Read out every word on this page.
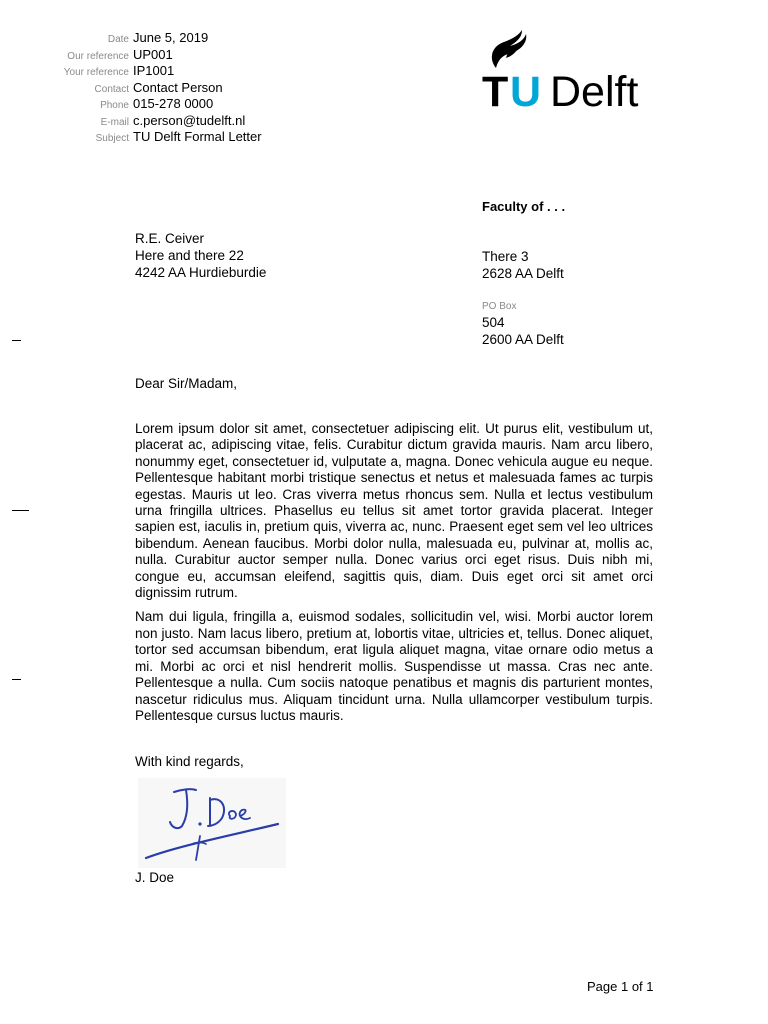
Date June 5, 2019
Our reference UP001
Your reference IP1001
Contact Contact Person
Phone 015-278 0000
E-mail c.person@tudelft.nl
Subject TU Delft Formal Letter
T U Delft
Faculty of . . .
R.E. Ceiver
Here and there 22
4242 AA Hurdieburdie
There 3
2628 AA Delft
PO Box
504
2600 AA Delft
Dear Sir/Madam,

Lorem ipsum dolor sit amet, consectetuer adipiscing elit. Ut purus elit, vestibulum ut, placerat ac, adipiscing vitae, felis. Curabitur dictum gravida mauris. Nam arcu libero, nonummy eget, consectetuer id, vulputate a, magna. Donec vehicula augue eu neque. Pellentesque habitant morbi tristique senectus et netus et malesuada fames ac turpis egestas. Mauris ut leo. Cras viverra metus rhoncus sem. Nulla et lectus vestibulum urna fringilla ultrices. Phasellus eu tellus sit amet tortor gravida placerat. Integer sapien est, iaculis in, pretium quis, viverra ac, nunc. Praesent eget sem vel leo ultrices bibendum. Aenean faucibus. Morbi dolor nulla, malesuada eu, pulvinar at, mollis ac, nulla. Curabitur auctor semper nulla. Donec varius orci eget risus. Duis nibh mi, congue eu, accumsan eleifend, sagittis quis, diam. Duis eget orci sit amet orci dignissim rutrum.

Nam dui ligula, fringilla a, euismod sodales, sollicitudin vel, wisi. Morbi auctor lorem non justo. Nam lacus libero, pretium at, lobortis vitae, ultricies et, tellus. Donec aliquet, tortor sed accumsan bibendum, erat ligula aliquet magna, vitae ornare odio metus a mi. Morbi ac orci et nisl hendrerit mollis. Suspendisse ut massa. Cras nec ante. Pellentesque a nulla. Cum sociis natoque penatibus et magnis dis parturient montes, nascetur ridiculus mus. Aliquam tincidunt urna. Nulla ullamcorper vestibulum turpis. Pellentesque cursus luctus mauris.

With kind regards,
J. Doe
Page 1 of 1
